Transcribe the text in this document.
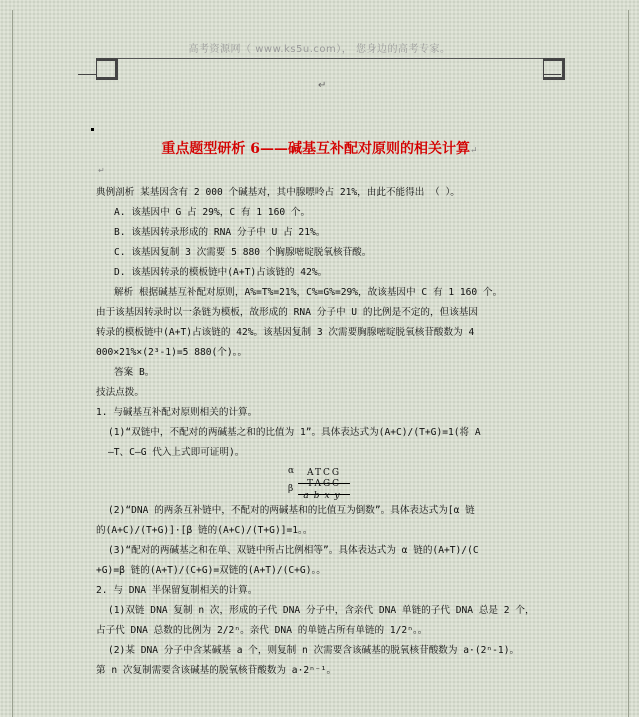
高考资源网（ www.ks5u.com）， 您身边的高考专家。
↵
重点题型研析 6——碱基互补配对原则的相关计算↵
↵
典例剖析 某基因含有 2 000 个碱基对，其中腺嘌呤占 21%，由此不能得出 （ ）。
A. 该基因中 G 占 29%，C 有 1 160 个。
B. 该基因转录形成的 RNA 分子中 U 占 21%。
C. 该基因复制 3 次需要 5 880 个胸腺嘧啶脱氧核苷酸。
D. 该基因转录的模板链中(A+T)占该链的 42%。
解析 根据碱基互补配对原则，A%=T%=21%，C%=G%=29%，故该基因中 C 有 1 160 个。
由于该基因转录时以一条链为模板，故形成的 RNA 分子中 U 的比例是不定的，但该基因
转录的模板链中(A+T)占该链的 42%。该基因复制 3 次需要胸腺嘧啶脱氧核苷酸数为 4
000×21%×(2³-1)=5 880(个)。。
答案 B。
技法点拨。
1. 与碱基互补配对原则相关的计算。
(1)“双链中，不配对的两碱基之和的比值为 1”。具体表达式为(A+C)/(T+G)=1(将 A
—T、C—G 代入上式即可证明)。
α
β
ATCG
TAGC
abxy
(2)“DNA 的两条互补链中，不配对的两碱基和的比值互为倒数”。具体表达式为[α 链
的(A+C)/(T+G)]·[β 链的(A+C)/(T+G)]=1。。
(3)“配对的两碱基之和在单、双链中所占比例相等”。具体表达式为 α 链的(A+T)/(C
+G)=β 链的(A+T)/(C+G)=双链的(A+T)/(C+G)。。
2. 与 DNA 半保留复制相关的计算。
(1)双链 DNA 复制 n 次，形成的子代 DNA 分子中，含亲代 DNA 单链的子代 DNA 总是 2 个，
占子代 DNA 总数的比例为 2/2ⁿ。亲代 DNA 的单链占所有单链的 1/2ⁿ。。
(2)某 DNA 分子中含某碱基 a 个，则复制 n 次需要含该碱基的脱氧核苷酸数为 a·(2ⁿ-1)。
第 n 次复制需要含该碱基的脱氧核苷酸数为 a·2ⁿ⁻¹。
